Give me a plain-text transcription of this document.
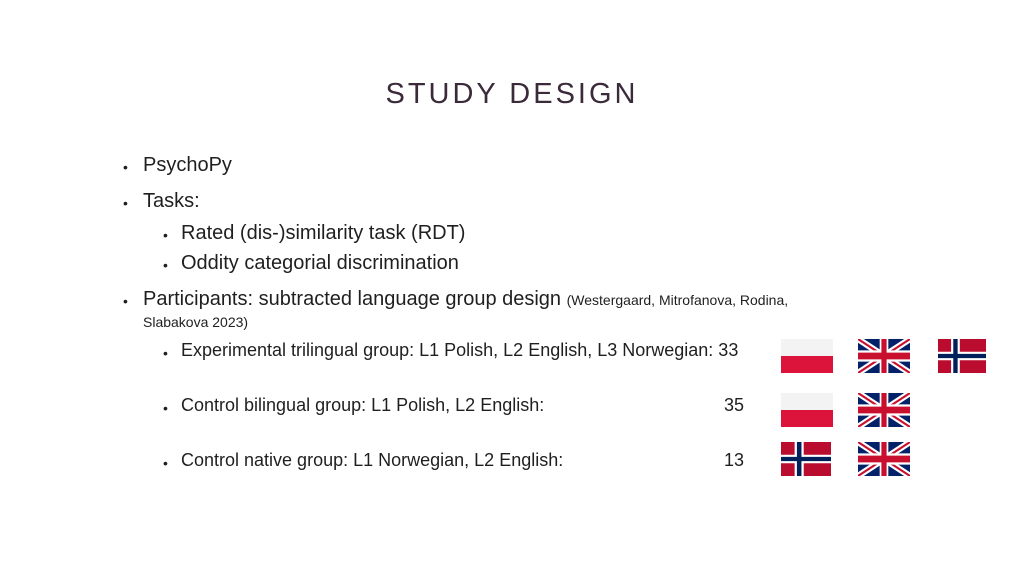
STUDY DESIGN
• PsychoPy
• Tasks:
• Rated (dis-)similarity task (RDT)
• Oddity categorial discrimination
• Participants: subtracted language group design (Westergaard, Mitrofanova, Rodina,
Slabakova 2023)
• Experimental trilingual group: L1 Polish, L2 English, L3 Norwegian: 33
• Control bilingual group: L1 Polish, L2 English:	35
• Control native group: L1 Norwegian, L2 English:	13
